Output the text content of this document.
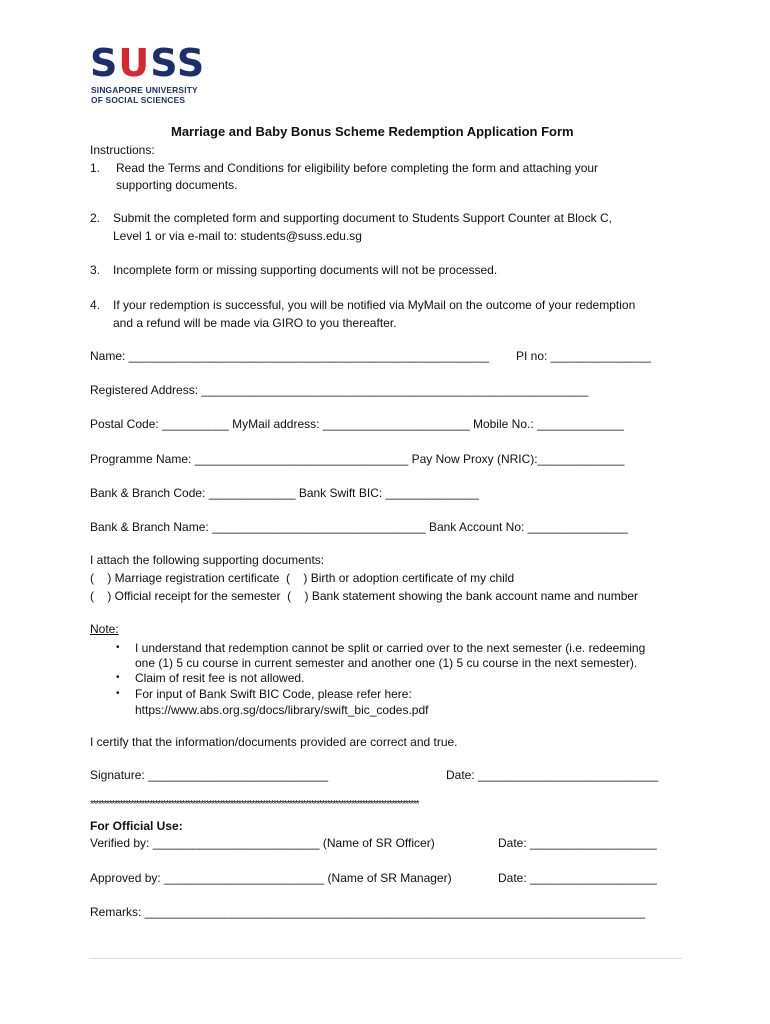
SUSS
SINGAPORE UNIVERSITY
OF SOCIAL SCIENCES
Marriage and Baby Bonus Scheme Redemption Application Form
Instructions:
1. Read the Terms and Conditions for eligibility before completing the form and attaching your
supporting documents.
2. Submit the completed form and supporting document to Students Support Counter at Block C,
Level 1 or via e-mail to: students@suss.edu.sg
3. Incomplete form or missing supporting documents will not be processed.
4. If your redemption is successful, you will be notified via MyMail on the outcome of your redemption
and a refund will be made via GIRO to you thereafter.
Name: ______________________________________________________ PI no: _______________
Registered Address: __________________________________________________________
Postal Code: __________ MyMail address: ______________________ Mobile No.: _____________
Programme Name: ________________________________ Pay Now Proxy (NRIC):_____________
Bank & Branch Code: _____________ Bank Swift BIC: ______________
Bank & Branch Name: ________________________________ Bank Account No: _______________
I attach the following supporting documents:
(    ) Marriage registration certificate  (    ) Birth or adoption certificate of my child
(    ) Official receipt for the semester  (    ) Bank statement showing the bank account name and number
Note:
• I understand that redemption cannot be split or carried over to the next semester (i.e. redeeming
one (1) 5 cu course in current semester and another one (1) 5 cu course in the next semester).
• Claim of resit fee is not allowed.
• For input of Bank Swift BIC Code, please refer here:
https://www.abs.org.sg/docs/library/swift_bic_codes.pdf
I certify that the information/documents provided are correct and true.
Signature: ___________________________	Date: ___________________________
**************************************************************************************************************************
For Official Use:
Verified by: _________________________ (Name of SR Officer)	Date: ___________________
Approved by: ________________________ (Name of SR Manager)	Date: ___________________
Remarks: ___________________________________________________________________________
